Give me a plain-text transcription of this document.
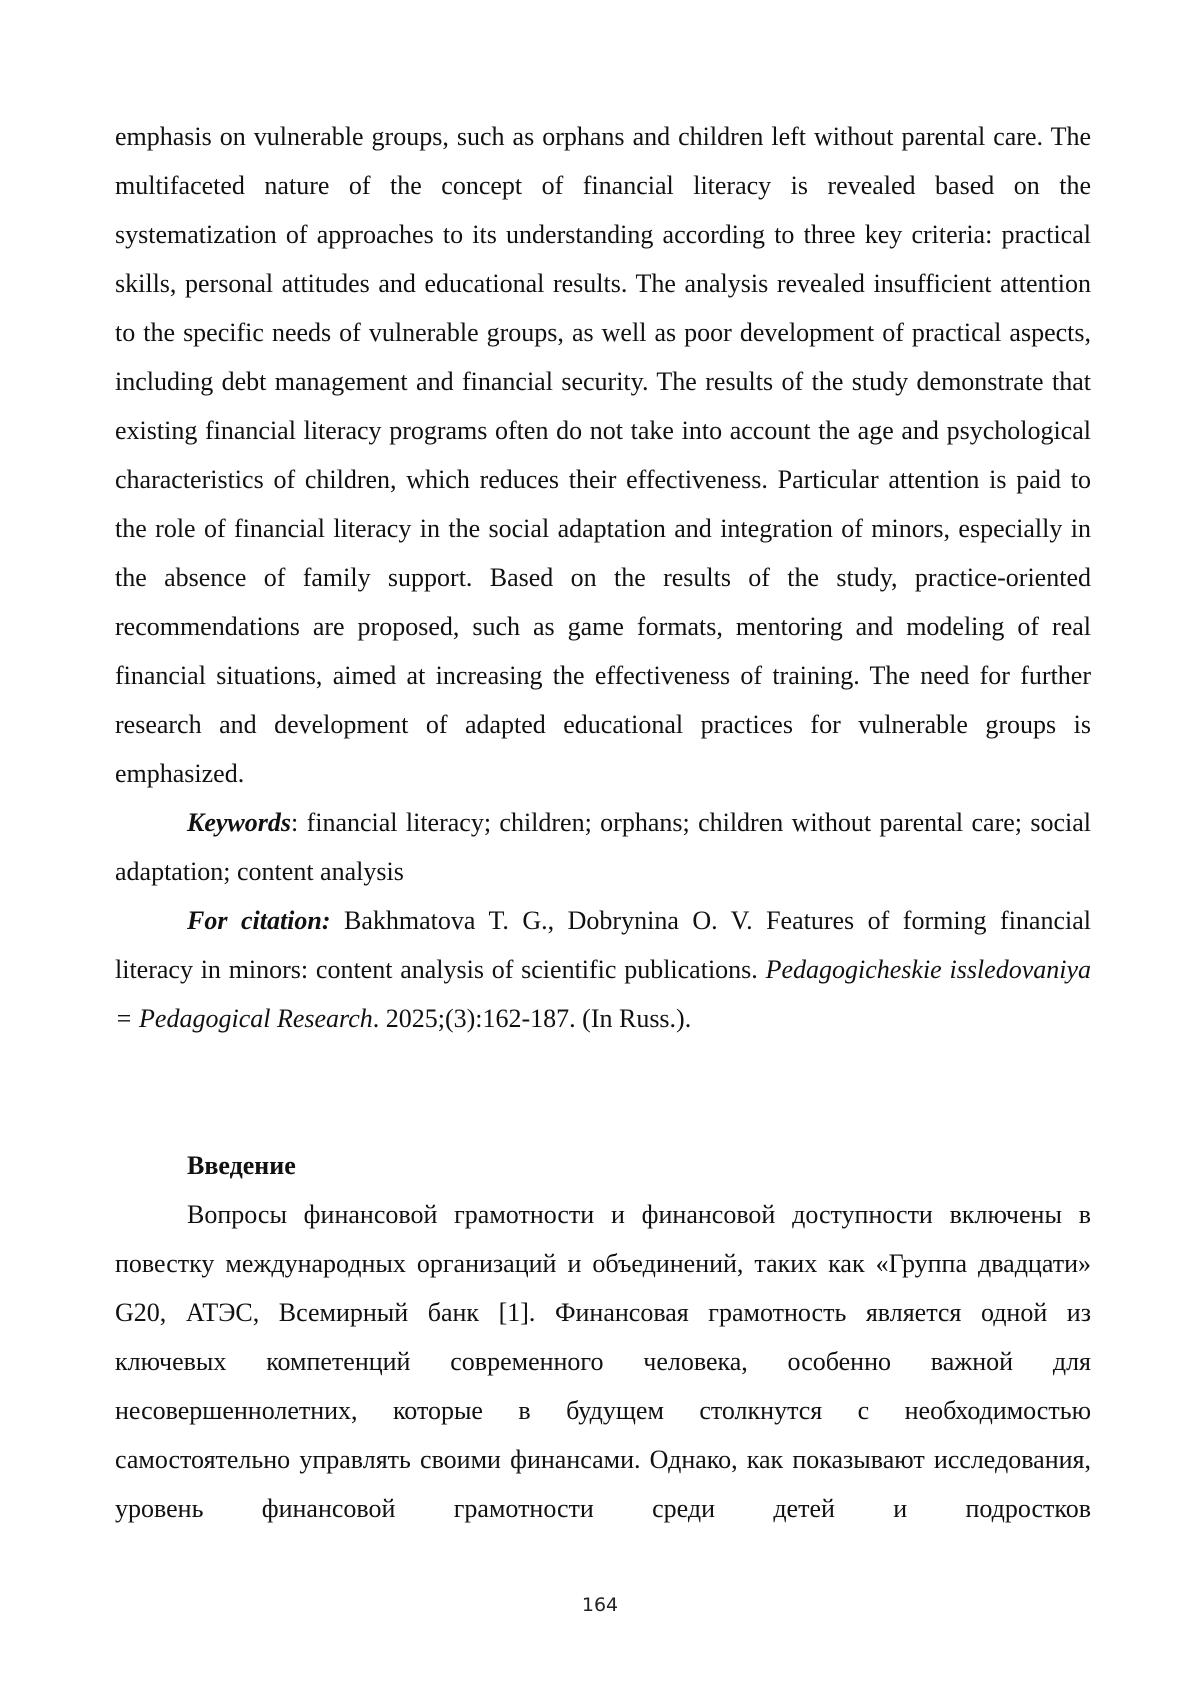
emphasis on vulnerable groups, such as orphans and children left without parental care. The multifaceted nature of the concept of financial literacy is revealed based on the systematization of approaches to its understanding according to three key criteria: practical skills, personal attitudes and educational results. The analysis revealed insufficient attention to the specific needs of vulnerable groups, as well as poor development of practical aspects, including debt management and financial security. The results of the study demonstrate that existing financial literacy programs often do not take into account the age and psychological characteristics of children, which reduces their effectiveness. Particular attention is paid to the role of financial literacy in the social adaptation and integration of minors, especially in the absence of family support. Based on the results of the study, practice-oriented recommendations are proposed, such as game formats, mentoring and modeling of real financial situations, aimed at increasing the effectiveness of training. The need for further research and development of adapted educational practices for vulnerable groups is emphasized.

Keywords: financial literacy; children; orphans; children without parental care; social adaptation; content analysis

For citation: Bakhmatova T. G., Dobrynina O. V. Features of forming financial literacy in minors: content analysis of scientific publications. Pedagogicheskie issledovaniya = Pedagogical Research. 2025;(3):162-187. (In Russ.).

Введение

Вопросы финансовой грамотности и финансовой доступности включены в повестку международных организаций и объединений, таких как «Группа двадцати» G20, АТЭС, Всемирный банк [1]. Финансовая грамотность является одной из ключевых компетенций современного человека, особенно важной для несовершеннолетних, которые в будущем столкнутся с необходимостью самостоятельно управлять своими финансами. Однако, как показывают исследования, уровень финансовой грамотности среди детей и подростков

164
